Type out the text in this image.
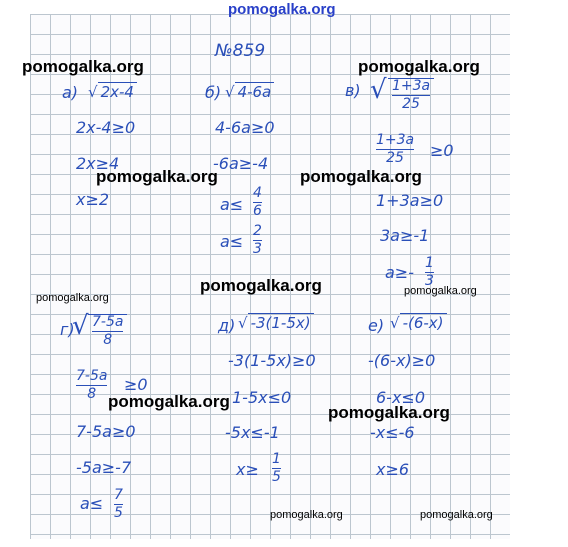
pomogalka.org
№859
а) √ 2x-4
2x-4≥0
2x≥4
x≥2
б) √ 4-6a
4-6a≥0
-6a≥-4
a≤
4
6
a≤
2
3
в) √ 1+3a
25
1+3a
25 ≥0
1+3a≥0
3a≥-1
a≥- 1
3
г)
√ 7-5a
8
7-5a
8 ≥0
7-5a≥0
-5a≥-7
a≤ 7
5
д) √ -3(1-5x)
-3(1-5x)≥0
1-5x≤0
-5x≤-1
x≥
1
5
е) √ -(6-x)
-(6-x)≥0
6-x≤0
-x≤-6
x≥6
pomogalka.org	pomogalka.org
pomogalka.org	pomogalka.org
pomogalka.org
pomogalka.org
pomogalka.org
pomogalka.org
pomogalka.org
pomogalka.org	pomogalka.org
